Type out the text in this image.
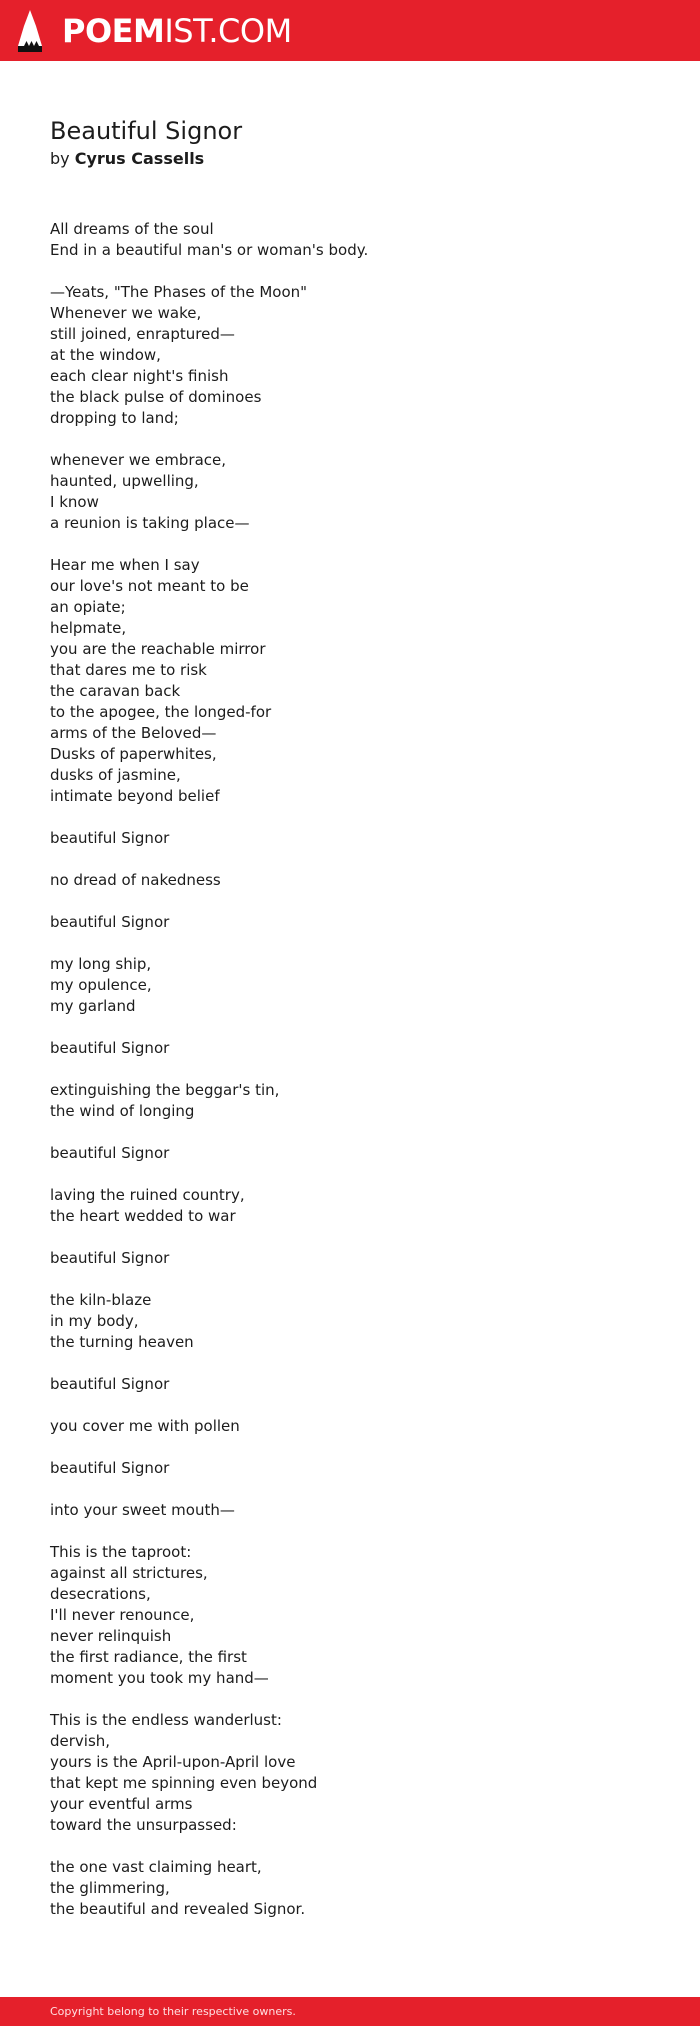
POEMIST.COM
Beautiful Signor
by Cyrus Cassells
All dreams of the soul
End in a beautiful man's or woman's body.
—Yeats, "The Phases of the Moon"
Whenever we wake,
still joined, enraptured—
at the window,
each clear night's finish
the black pulse of dominoes
dropping to land;
whenever we embrace,
haunted, upwelling,
I know
a reunion is taking place—
Hear me when I say
our love's not meant to be
an opiate;
helpmate,
you are the reachable mirror
that dares me to risk
the caravan back
to the apogee, the longed-for
arms of the Beloved—
Dusks of paperwhites,
dusks of jasmine,
intimate beyond belief
beautiful Signor
no dread of nakedness
beautiful Signor
my long ship,
my opulence,
my garland
beautiful Signor
extinguishing the beggar's tin,
the wind of longing
beautiful Signor
laving the ruined country,
the heart wedded to war
beautiful Signor
the kiln-blaze
in my body,
the turning heaven
beautiful Signor
you cover me with pollen
beautiful Signor
into your sweet mouth—
This is the taproot:
against all strictures,
desecrations,
I'll never renounce,
never relinquish
the first radiance, the first
moment you took my hand—
This is the endless wanderlust:
dervish,
yours is the April-upon-April love
that kept me spinning even beyond
your eventful arms
toward the unsurpassed:
the one vast claiming heart,
the glimmering,
the beautiful and revealed Signor.
Copyright belong to their respective owners.
